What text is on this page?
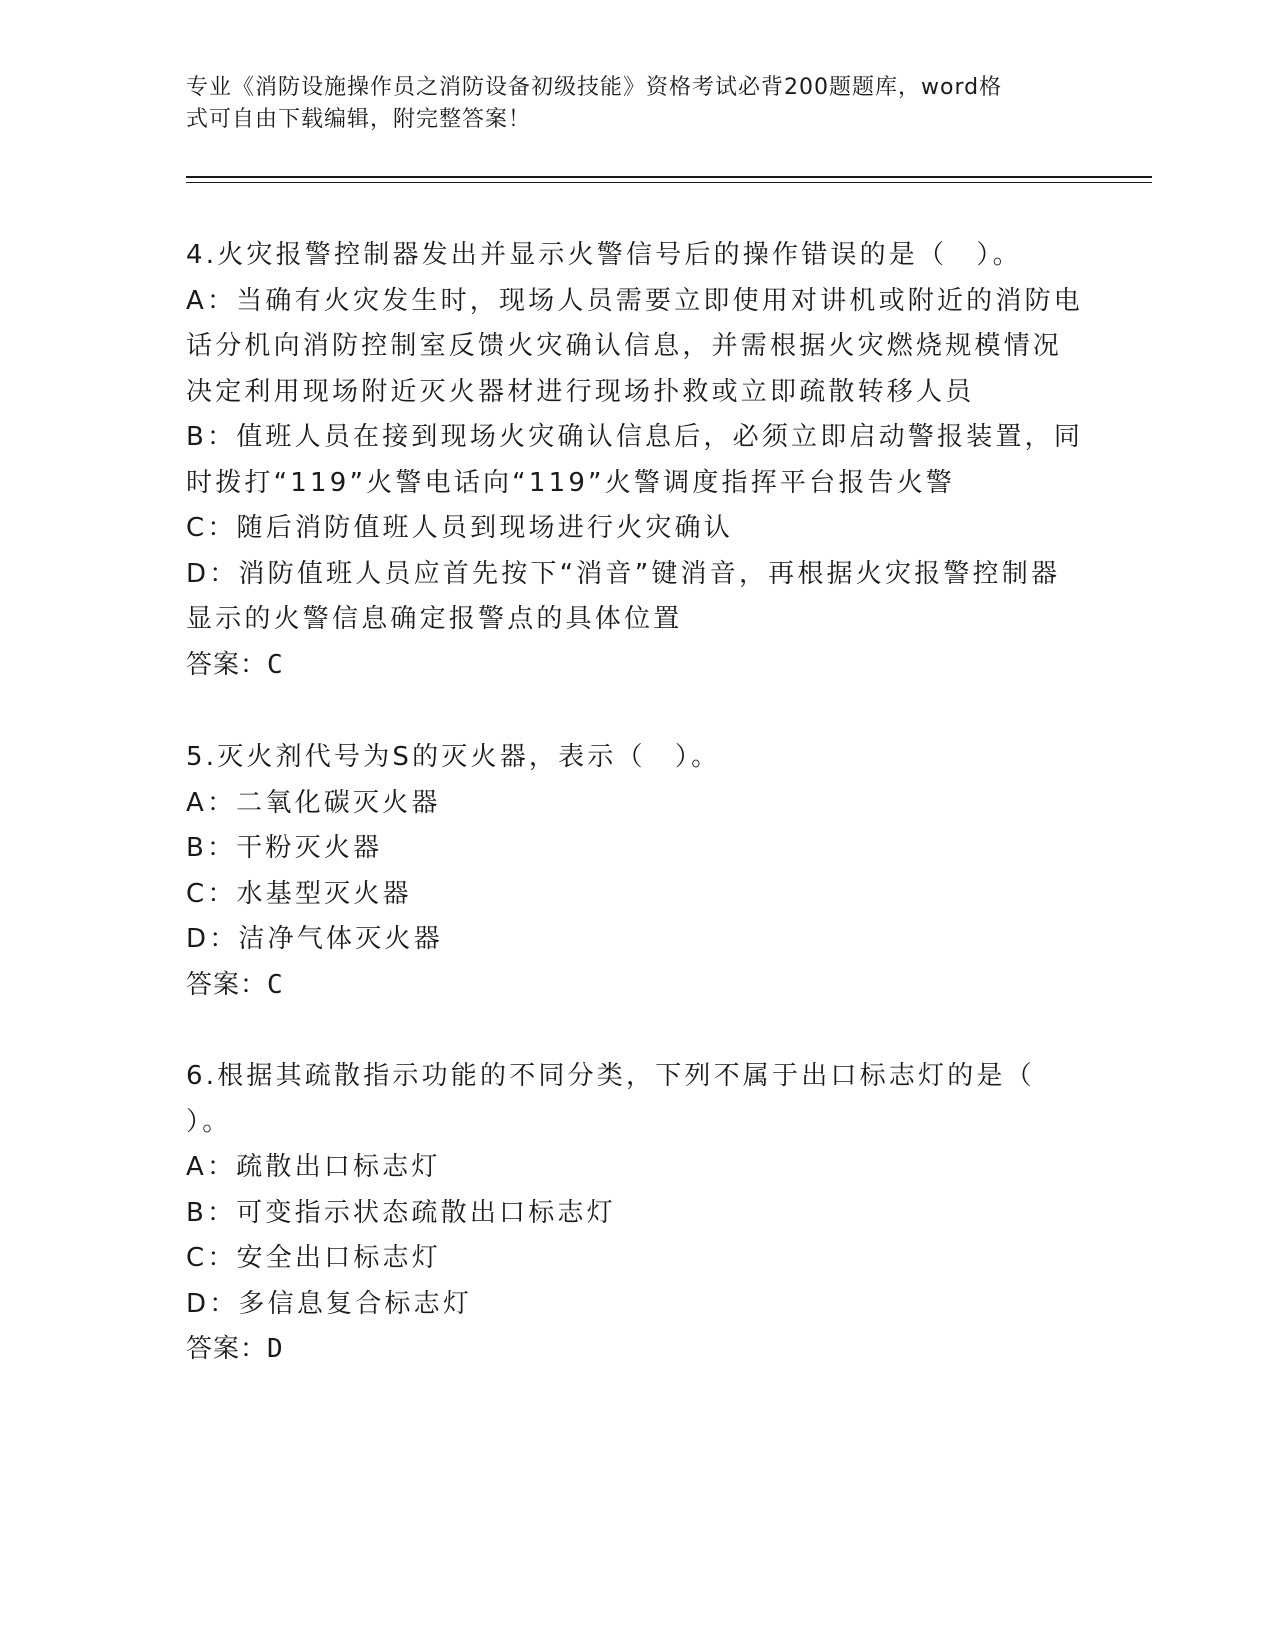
专业《消防设施操作员之消防设备初级技能》资格考试必背200题题库，word格
式可自由下载编辑，附完整答案！
4.火灾报警控制器发出并显示火警信号后的操作错误的是（　）。
A：当确有火灾发生时，现场人员需要立即使用对讲机或附近的消防电
话分机向消防控制室反馈火灾确认信息，并需根据火灾燃烧规模情况
决定利用现场附近灭火器材进行现场扑救或立即疏散转移人员
B：值班人员在接到现场火灾确认信息后，必须立即启动警报装置，同
时拨打“119”火警电话向“119”火警调度指挥平台报告火警
C：随后消防值班人员到现场进行火灾确认
D：消防值班人员应首先按下“消音”键消音，再根据火灾报警控制器
显示的火警信息确定报警点的具体位置
答案：C
5.灭火剂代号为S的灭火器，表示（　）。
A：二氧化碳灭火器
B：干粉灭火器
C：水基型灭火器
D：洁净气体灭火器
答案：C
6.根据其疏散指示功能的不同分类，下列不属于出口标志灯的是（
）。
A：疏散出口标志灯
B：可变指示状态疏散出口标志灯
C：安全出口标志灯
D：多信息复合标志灯
答案：D
